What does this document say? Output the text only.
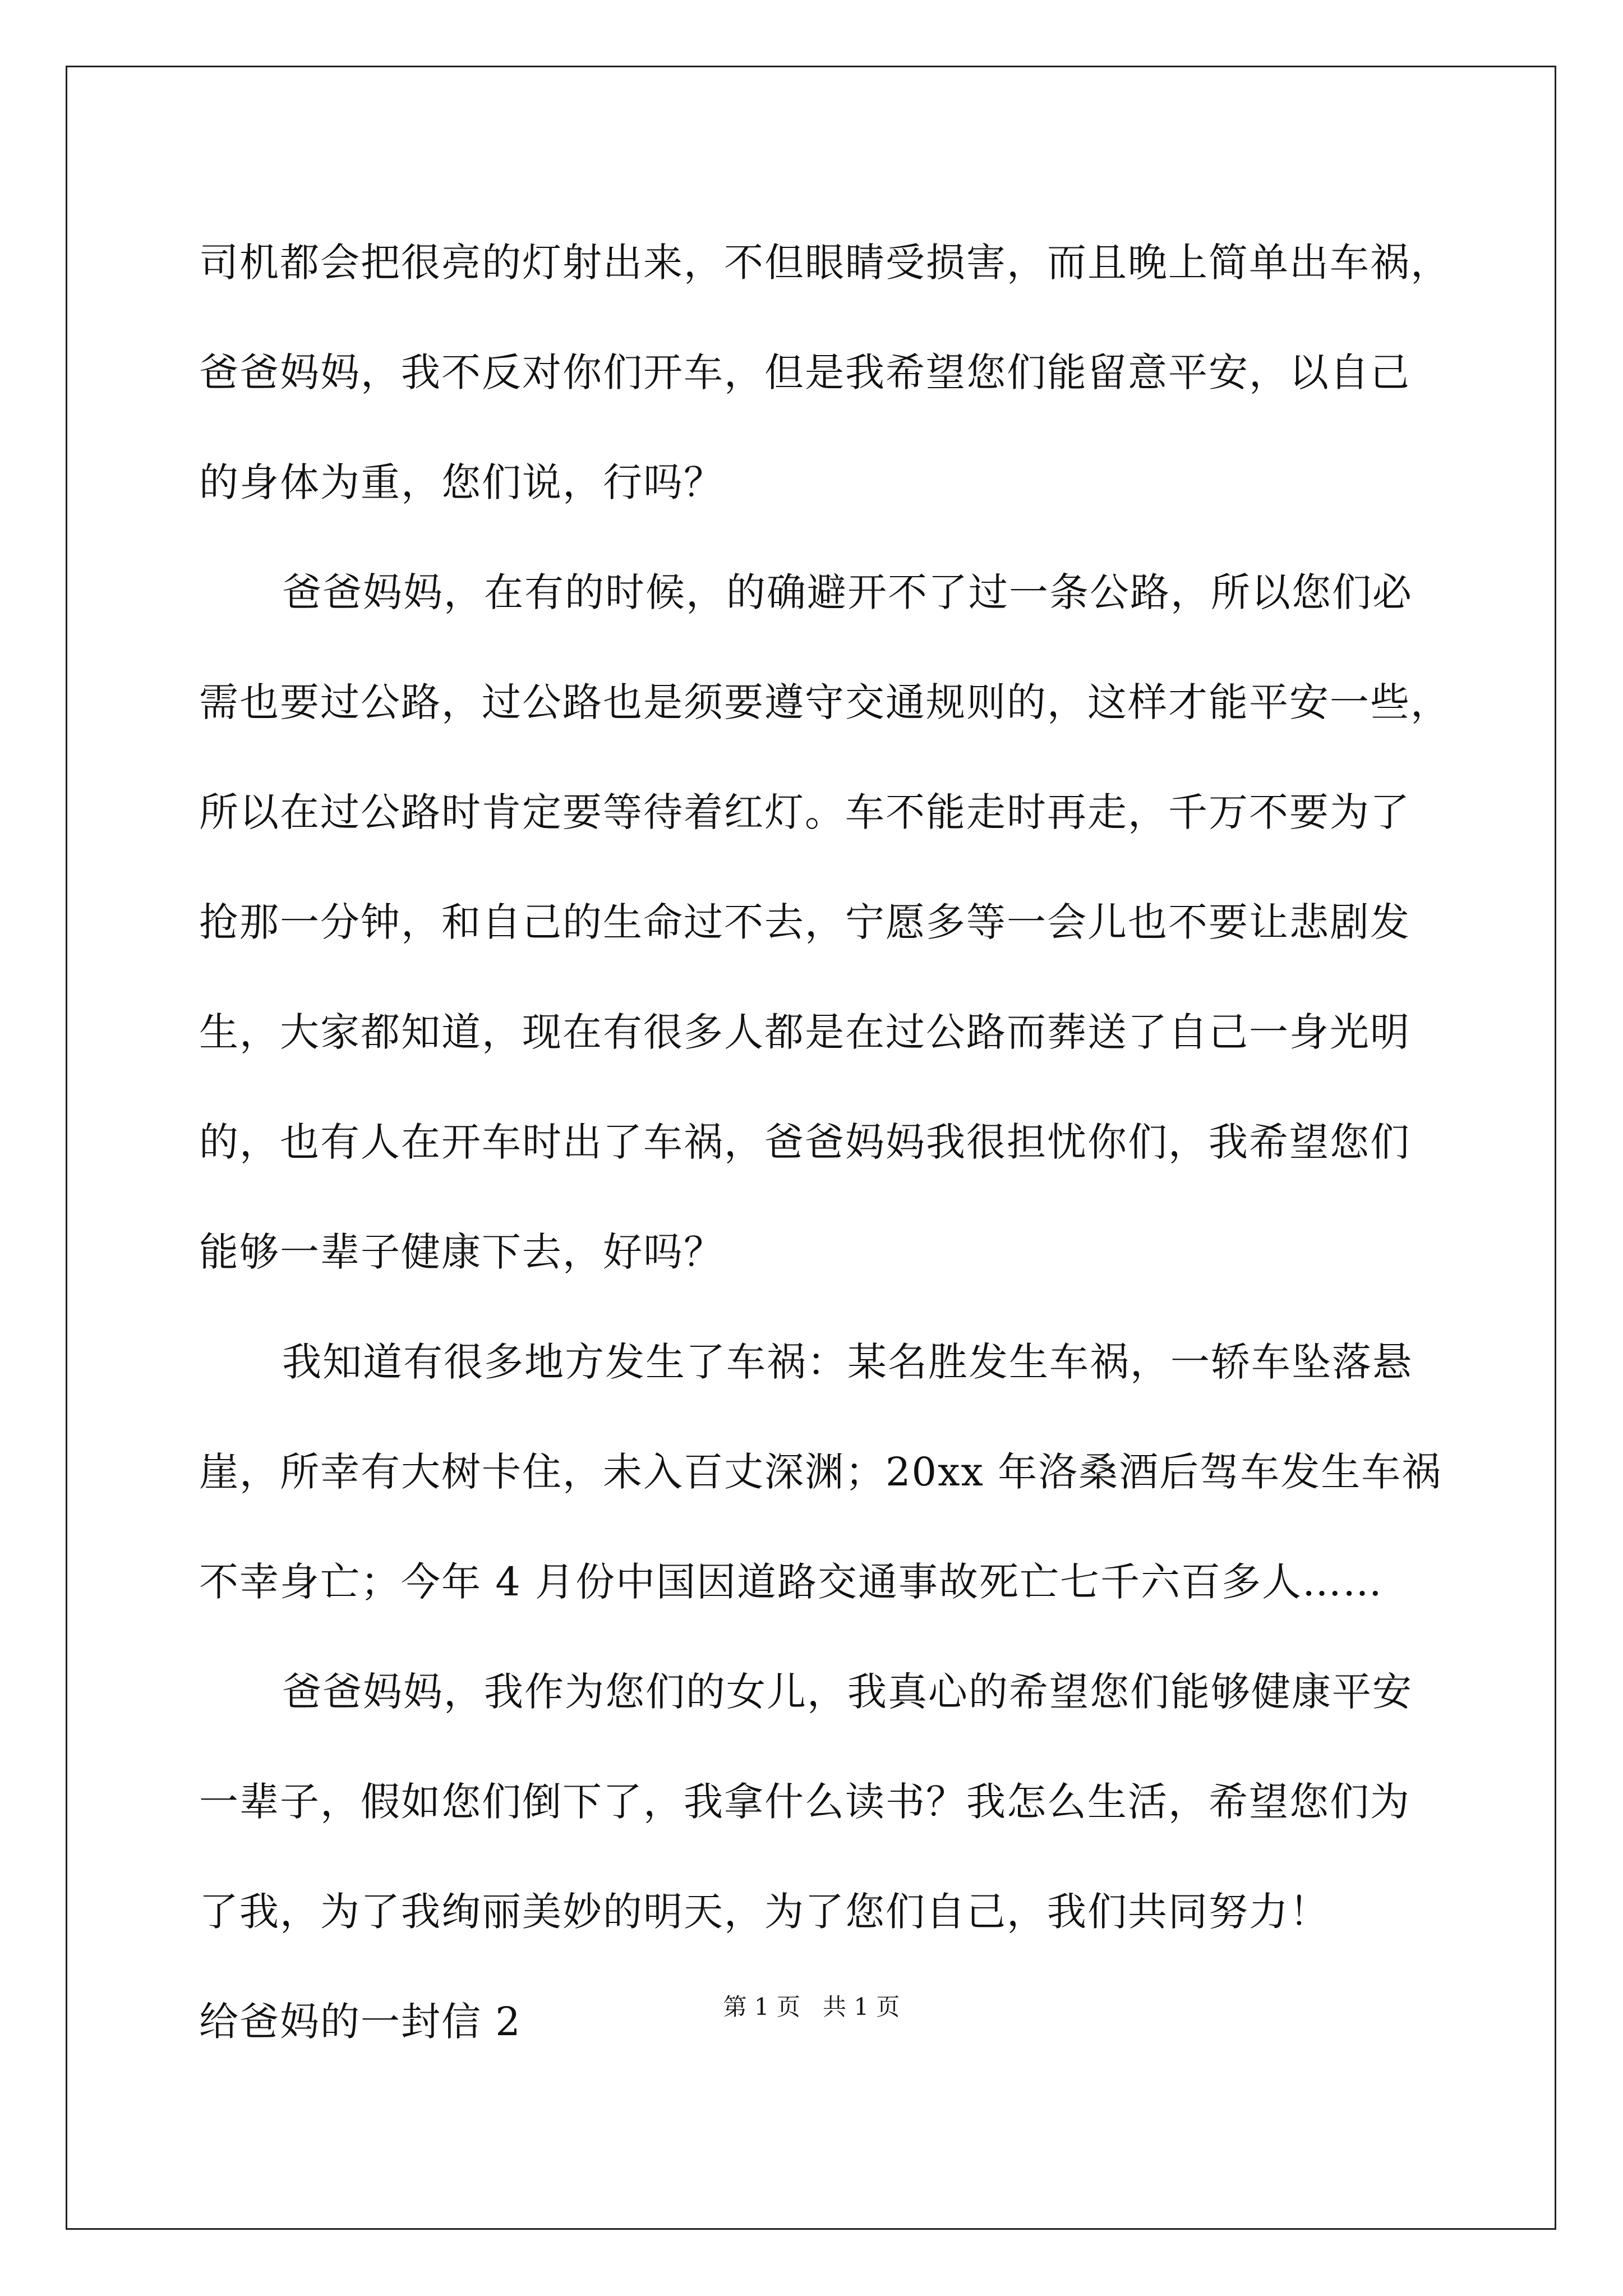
司机都会把很亮的灯射出来，不但眼睛受损害，而且晚上简单出车祸，
爸爸妈妈，我不反对你们开车，但是我希望您们能留意平安，以自己
的身体为重，您们说，行吗？
爸爸妈妈，在有的时候，的确避开不了过一条公路，所以您们必
需也要过公路，过公路也是须要遵守交通规则的，这样才能平安一些，
所以在过公路时肯定要等待着红灯。车不能走时再走，千万不要为了
抢那一分钟，和自己的生命过不去，宁愿多等一会儿也不要让悲剧发
生，大家都知道，现在有很多人都是在过公路而葬送了自己一身光明
的，也有人在开车时出了车祸，爸爸妈妈我很担忧你们，我希望您们
能够一辈子健康下去，好吗？
我知道有很多地方发生了车祸：某名胜发生车祸，一轿车坠落悬
崖，所幸有大树卡住，未入百丈深渊；20xx 年洛桑酒后驾车发生车祸
不幸身亡；今年 4 月份中国因道路交通事故死亡七千六百多人……
爸爸妈妈，我作为您们的女儿，我真心的希望您们能够健康平安
一辈子，假如您们倒下了，我拿什么读书？我怎么生活，希望您们为
了我，为了我绚丽美妙的明天，为了您们自己，我们共同努力！
给爸妈的一封信 2	第 1 页 共 1 页
